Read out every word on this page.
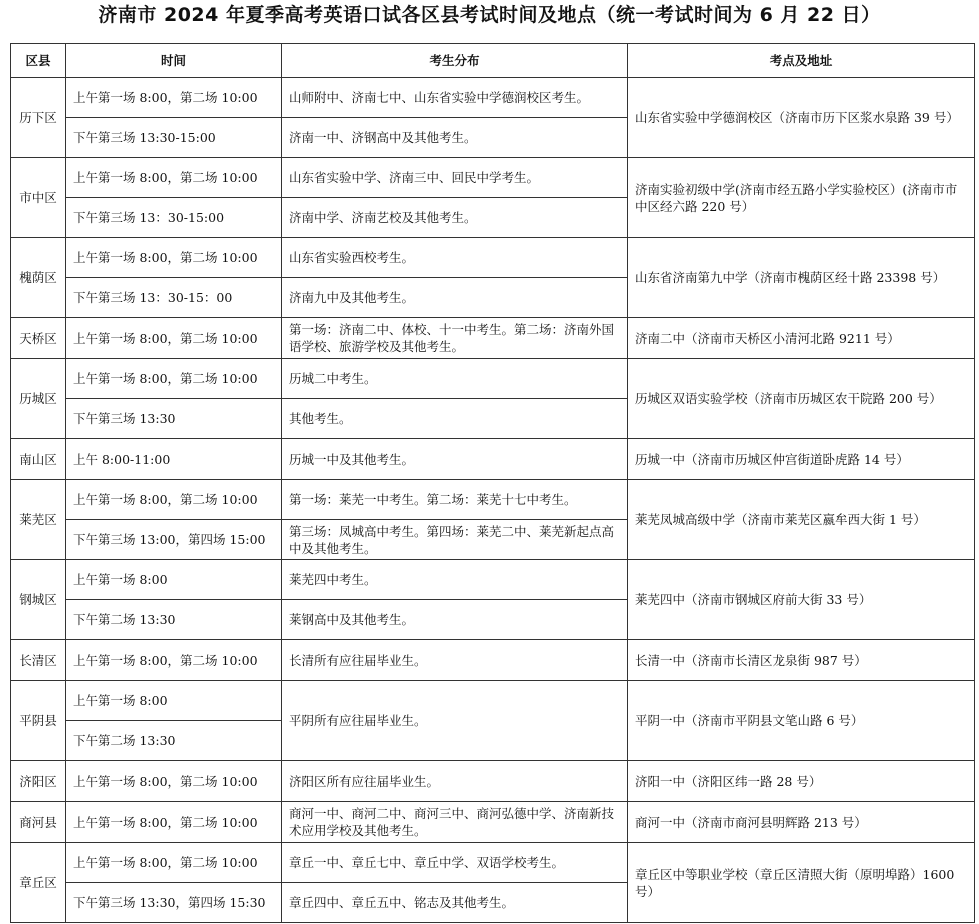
济南市 2024 年夏季高考英语口试各区县考试时间及地点（统一考试时间为 6 月 22 日）
区县	时间	考生分布	考点及地址
历下区	上午第一场 8:00，第二场 10:00	山师附中、济南七中、山东省实验中学德润校区考生。	山东省实验中学德润校区（济南市历下区浆水泉路 39 号）
	下午第三场 13:30-15:00	济南一中、济钢高中及其他考生。	
市中区	上午第一场 8:00，第二场 10:00	山东省实验中学、济南三中、回民中学考生。	济南实验初级中学(济南市经五路小学实验校区）(济南市市中区经六路 220 号）
	下午第三场 13：30-15:00	济南中学、济南艺校及其他考生。	
槐荫区	上午第一场 8:00，第二场 10:00	山东省实验西校考生。	山东省济南第九中学（济南市槐荫区经十路 23398 号）
	下午第三场 13：30-15：00	济南九中及其他考生。	
天桥区	上午第一场 8:00，第二场 10:00	第一场：济南二中、体校、十一中考生。第二场：济南外国语学校、旅游学校及其他考生。	济南二中（济南市天桥区小清河北路 9211 号）
历城区	上午第一场 8:00，第二场 10:00	历城二中考生。	历城区双语实验学校（济南市历城区农干院路 200 号）
	下午第三场 13:30	其他考生。	
南山区	上午 8:00-11:00	历城一中及其他考生。	历城一中（济南市历城区仲宫街道卧虎路 14 号）
莱芜区	上午第一场 8:00，第二场 10:00	第一场：莱芜一中考生。第二场：莱芜十七中考生。	莱芜凤城高级中学（济南市莱芜区嬴牟西大街 1 号）
	下午第三场 13:00，第四场 15:00	第三场：凤城高中考生。第四场：莱芜二中、莱芜新起点高中及其他考生。	
钢城区	上午第一场 8:00	莱芜四中考生。	莱芜四中（济南市钢城区府前大街 33 号）
	下午第二场 13:30	莱钢高中及其他考生。	
长清区	上午第一场 8:00，第二场 10:00	长清所有应往届毕业生。	长清一中（济南市长清区龙泉街 987 号）
平阴县	上午第一场 8:00	平阴所有应往届毕业生。	平阴一中（济南市平阴县文笔山路 6 号）
	下午第二场 13:30		
济阳区	上午第一场 8:00，第二场 10:00	济阳区所有应往届毕业生。	济阳一中（济阳区纬一路 28 号）
商河县	上午第一场 8:00，第二场 10:00	商河一中、商河二中、商河三中、商河弘德中学、济南新技术应用学校及其他考生。	商河一中（济南市商河县明辉路 213 号）
章丘区	上午第一场 8:00，第二场 10:00	章丘一中、章丘七中、章丘中学、双语学校考生。	章丘区中等职业学校（章丘区清照大街（原明埠路）1600 号）
	下午第三场 13:30，第四场 15:30	章丘四中、章丘五中、铭志及其他考生。	
